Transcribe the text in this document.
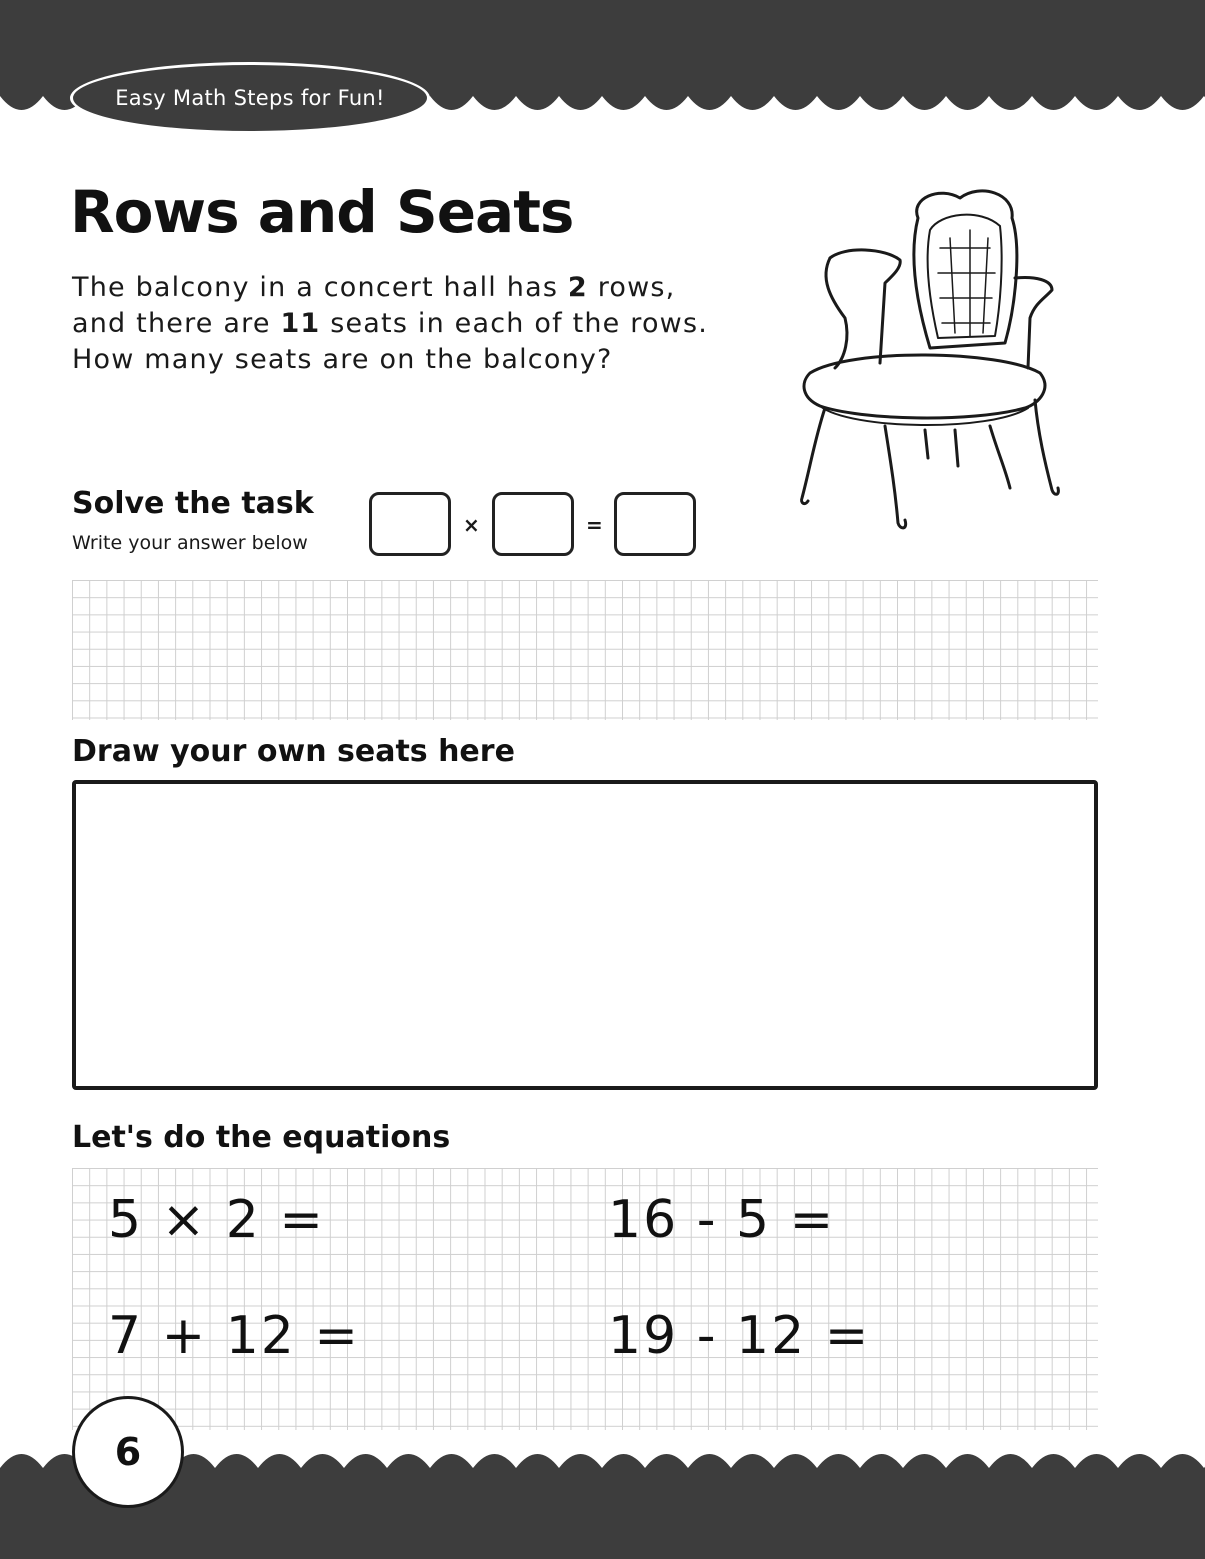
Easy Math Steps for Fun!
Rows and Seats
The balcony in a concert hall has 2 rows, and there are 11 seats in each of the rows. How many seats are on the balcony?
Solve the task
Write your answer below
×	=
Draw your own seats here
Let's do the equations
5 × 2 =	16 - 5 =
7 + 12 =	19 - 12 =
6
